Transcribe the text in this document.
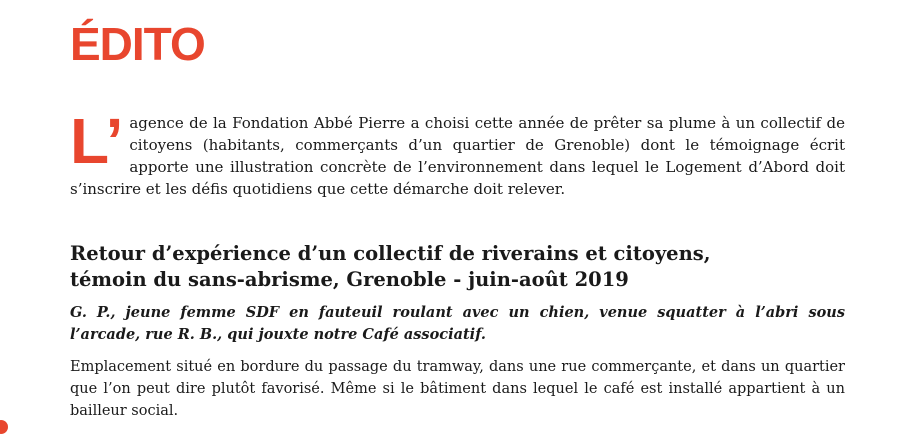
ÉDITO
L’ agence de la Fondation Abbé Pierre a choisi cette année de prêter sa plume à un collectif de citoyens (habitants, commerçants d’un quartier de Grenoble) dont le témoignage écrit apporte une illustration concrète de l’environnement dans lequel le Logement d’Abord doit s’inscrire et les défis quotidiens que cette démarche doit relever.

Retour d’expérience d’un collectif de riverains et citoyens,
témoin du sans-abrisme, Grenoble - juin-août 2019

G. P., jeune femme SDF en fauteuil roulant avec un chien, venue squatter à l’abri sous l’arcade, rue R. B., qui jouxte notre Café associatif.

Emplacement situé en bordure du passage du tramway, dans une rue commerçante, et dans un quartier que l’on peut dire plutôt favorisé. Même si le bâtiment dans lequel le café est installé appartient à un bailleur social.
